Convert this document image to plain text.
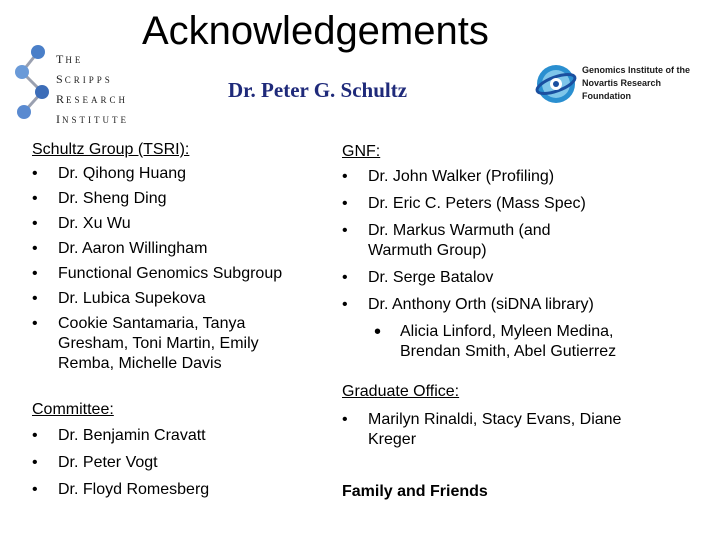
Acknowledgements
Dr. Peter G. Schultz
THE
SCRIPPS
RESEARCH
INSTITUTE
Genomics Institute of the
Novartis Research
Foundation
Schultz Group (TSRI):
• Dr. Qihong Huang
• Dr. Sheng Ding
• Dr. Xu Wu
• Dr. Aaron Willingham
• Functional Genomics Subgroup
• Dr. Lubica Supekova
• Cookie Santamaria, Tanya Gresham, Toni Martin, Emily Remba, Michelle Davis
Committee:
• Dr. Benjamin Cravatt
• Dr. Peter Vogt
• Dr. Floyd Romesberg
GNF:
• Dr. John Walker (Profiling)
• Dr. Eric C. Peters (Mass Spec)
• Dr. Markus Warmuth (and Warmuth Group)
• Dr. Serge Batalov
• Dr. Anthony Orth (siDNA library)
• Alicia Linford, Myleen Medina, Brendan Smith, Abel Gutierrez
Graduate Office:
• Marilyn Rinaldi, Stacy Evans, Diane Kreger
Family and Friends
